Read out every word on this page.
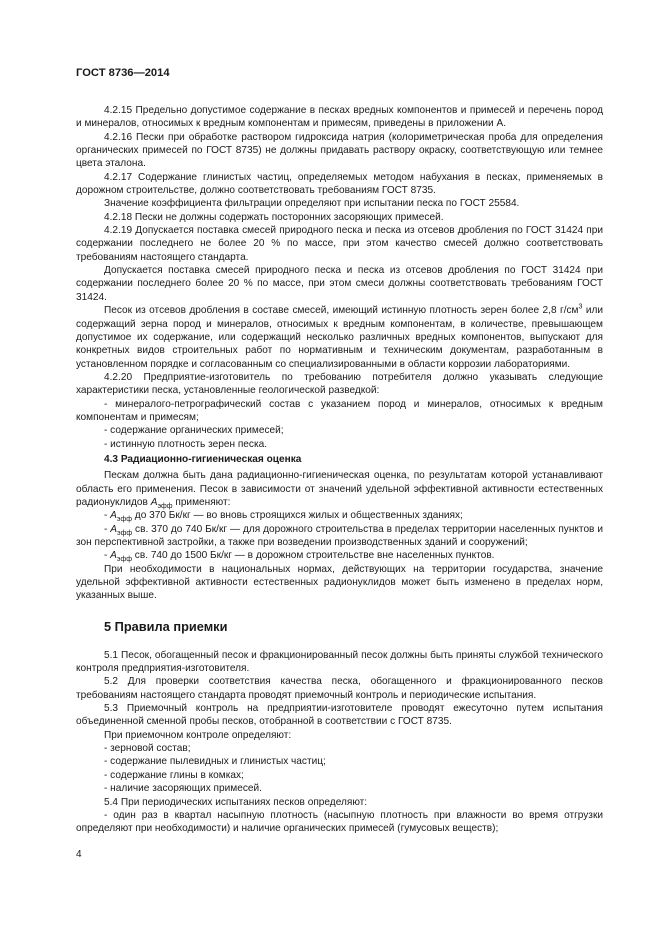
ГОСТ 8736—2014

4.2.15 Предельно допустимое содержание в песках вредных компонентов и примесей и перечень пород и минералов, относимых к вредным компонентам и примесям, приведены в приложении А.

4.2.16 Пески при обработке раствором гидроксида натрия (колориметрическая проба для определения органических примесей по ГОСТ 8735) не должны придавать раствору окраску, соответствующую или темнее цвета эталона.

4.2.17 Содержание глинистых частиц, определяемых методом набухания в песках, применяемых в дорожном строительстве, должно соответствовать требованиям ГОСТ 8735.

Значение коэффициента фильтрации определяют при испытании песка по ГОСТ 25584.

4.2.18 Пески не должны содержать посторонних засоряющих примесей.

4.2.19 Допускается поставка смесей природного песка и песка из отсевов дробления по ГОСТ 31424 при содержании последнего не более 20 % по массе, при этом качество смесей должно соответствовать требованиям настоящего стандарта.

Допускается поставка смесей природного песка и песка из отсевов дробления по ГОСТ 31424 при содержании последнего более 20 % по массе, при этом смеси должны соответствовать требованиям ГОСТ 31424.

Песок из отсевов дробления в составе смесей, имеющий истинную плотность зерен более 2,8 $г/см^3$ или содержащий зерна пород и минералов, относимых к вредным компонентам, в количестве, превышающем допустимое их содержание, или содержащий несколько различных вредных компонентов, выпускают для конкретных видов строительных работ по нормативным и техническим документам, разработанным в установленном порядке и согласованным со специализированными в области коррозии лабораториями.

4.2.20 Предприятие-изготовитель по требованию потребителя должно указывать следующие характеристики песка, установленные геологической разведкой:

- минералого-петрографический состав с указанием пород и минералов, относимых к вредным компонентам и примесям;

- содержание органических примесей;

- истинную плотность зерен песка.

4.3 Радиационно-гигиеническая оценка

Пескам должна быть дана радиационно-гигиеническая оценка, по результатам которой устанавливают область его применения. Песок в зависимости от значений удельной эффективной активности естественных радионуклидов $А_{эфф}$ применяют:

- $А_{эфф}$ до 370 Бк/кг — во вновь строящихся жилых и общественных зданиях;

- $А_{эфф}$ св. 370 до 740 Бк/кг — для дорожного строительства в пределах территории населенных пунктов и зон перспективной застройки, а также при возведении производственных зданий и сооружений;

- $А_{эфф}$ св. 740 до 1500 Бк/кг — в дорожном строительстве вне населенных пунктов.

При необходимости в национальных нормах, действующих на территории государства, значение удельной эффективной активности естественных радионуклидов может быть изменено в пределах норм, указанных выше.

5 Правила приемки

5.1 Песок, обогащенный песок и фракционированный песок должны быть приняты службой технического контроля предприятия-изготовителя.

5.2 Для проверки соответствия качества песка, обогащенного и фракционированного песков требованиям настоящего стандарта проводят приемочный контроль и периодические испытания.

5.3 Приемочный контроль на предприятии-изготовителе проводят ежесуточно путем испытания объединенной сменной пробы песков, отобранной в соответствии с ГОСТ 8735.

При приемочном контроле определяют:

- зерновой состав;

- содержание пылевидных и глинистых частиц;

- содержание глины в комках;

- наличие засоряющих примесей.

5.4 При периодических испытаниях песков определяют:

- один раз в квартал насыпную плотность (насыпную плотность при влажности во время отгрузки определяют при необходимости) и наличие органических примесей (гумусовых веществ);

4
